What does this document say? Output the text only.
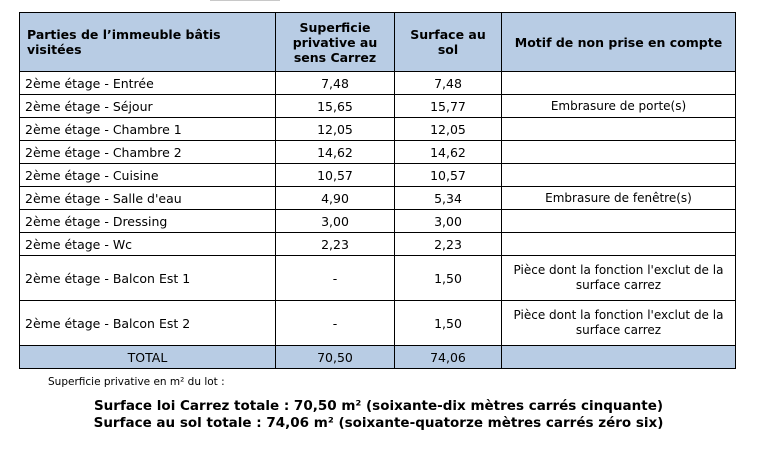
Parties de l’immeuble bâtis visitées	Superficie privative au sens Carrez	Surface au sol	Motif de non prise en compte
2ème étage - Entrée	7,48	7,48	
2ème étage - Séjour	15,65	15,77	Embrasure de porte(s)
2ème étage - Chambre 1	12,05	12,05	
2ème étage - Chambre 2	14,62	14,62	
2ème étage - Cuisine	10,57	10,57	
2ème étage - Salle d'eau	4,90	5,34	Embrasure de fenêtre(s)
2ème étage - Dressing	3,00	3,00	
2ème étage - Wc	2,23	2,23	
2ème étage - Balcon Est 1	-	1,50	Pièce dont la fonction l'exclut de la surface carrez
2ème étage - Balcon Est 2	-	1,50	Pièce dont la fonction l'exclut de la surface carrez
TOTAL	70,50	74,06	
Superficie privative en m² du lot :
Surface loi Carrez totale : 70,50 m² (soixante-dix mètres carrés cinquante)
Surface au sol totale : 74,06 m² (soixante-quatorze mètres carrés zéro six)
